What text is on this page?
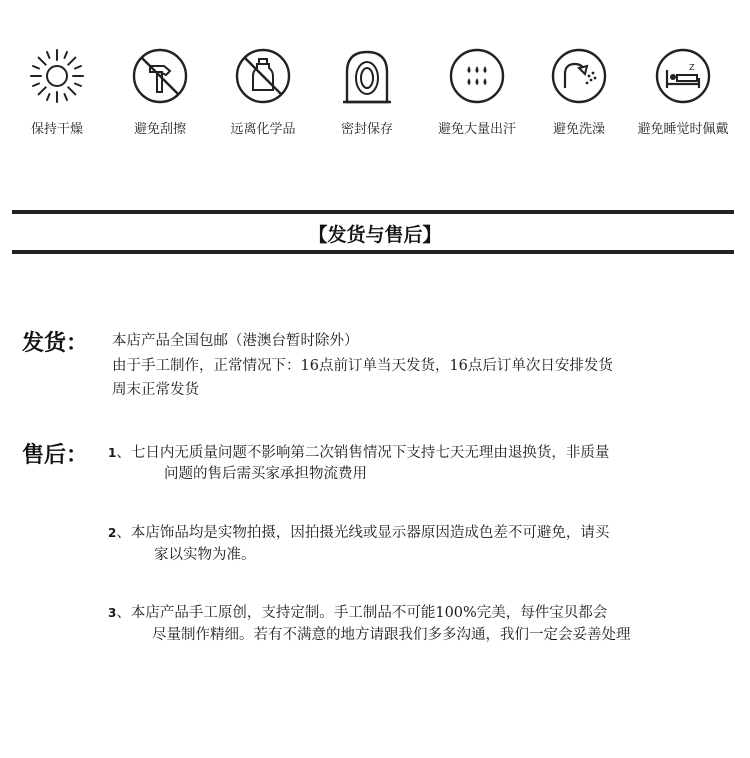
保持干燥	避免刮擦	远离化学品	密封保存	避免大量出汗	避免洗澡
Z
避免睡觉时佩戴
【发货与售后】
发货： 本店产品全国包邮（港澳台暂时除外）
由于手工制作，正常情况下：16点前订单当天发货，16点后订单次日安排发货
周末正常发货
售后： 1、七日内无质量问题不影响第二次销售情况下支持七天无理由退换货，非质量
问题的售后需买家承担物流费用
2、本店饰品均是实物拍摄，因拍摄光线或显示器原因造成色差不可避免，请买
家以实物为准。
3、本店产品手工原创，支持定制。手工制品不可能100%完美，每件宝贝都会
尽量制作精细。若有不满意的地方请跟我们多多沟通，我们一定会妥善处理
